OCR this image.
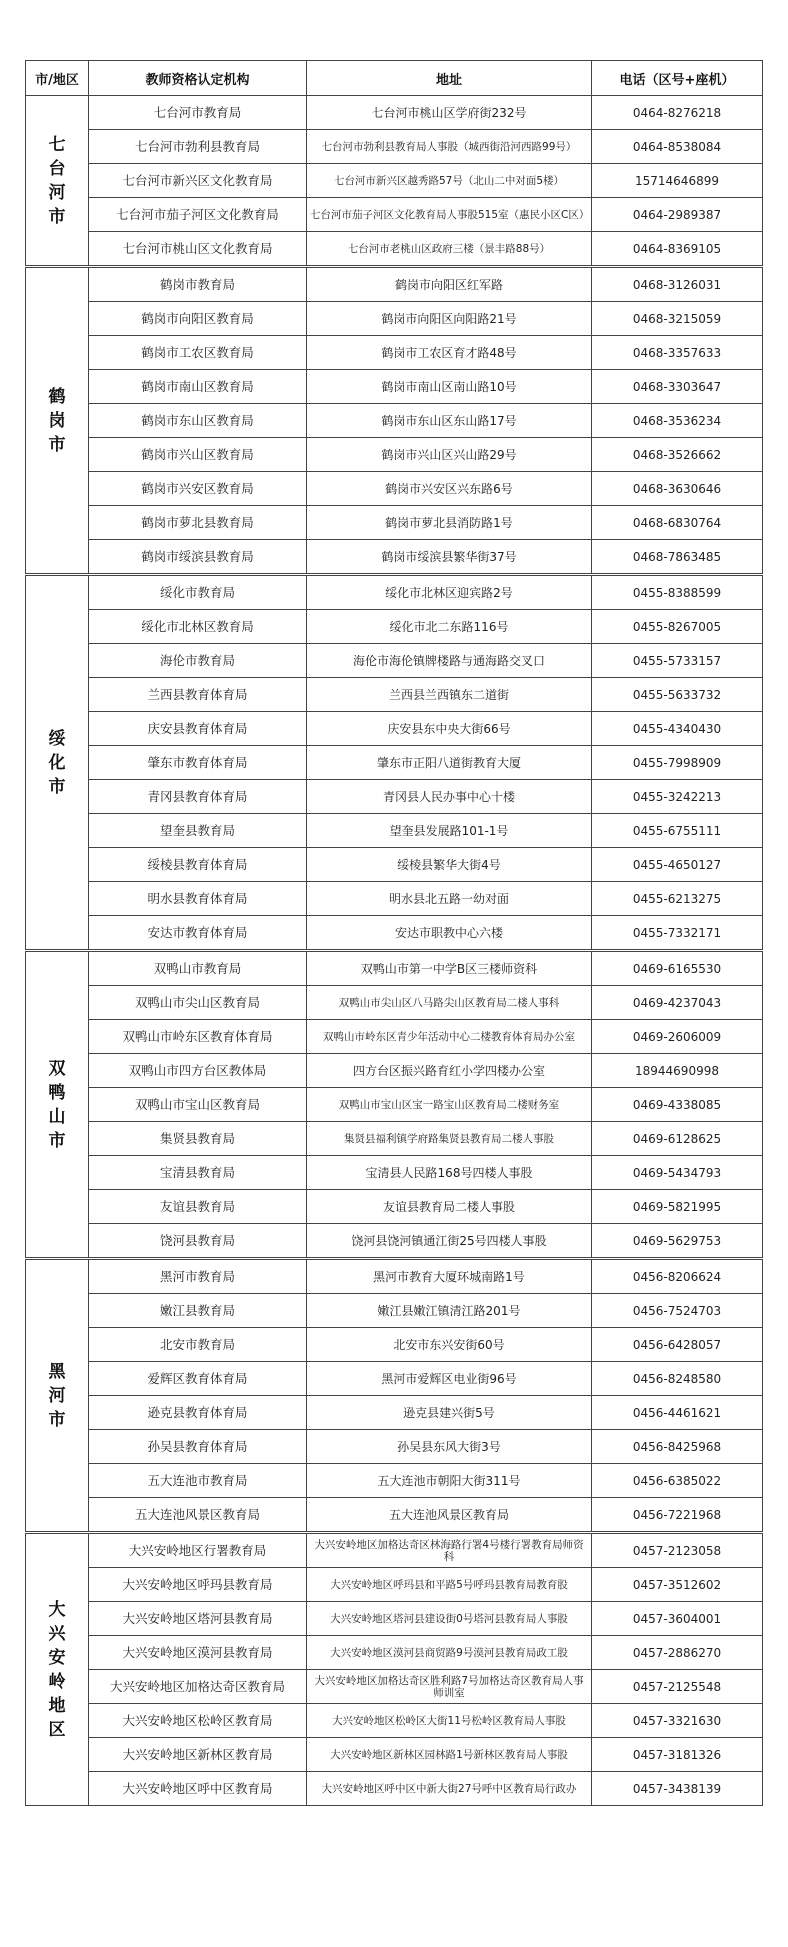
市/地区	教师资格认定机构	地址	电话（区号+座机）

七台河市	七台河市教育局	七台河市桃山区学府街232号	0464-8276218
	七台河市勃利县教育局	七台河市勃利县教育局人事股（城西街沿河西路99号）	0464-8538084
	七台河市新兴区文化教育局	七台河市新兴区越秀路57号（北山二中对面5楼）	15714646899
	七台河市茄子河区文化教育局	七台河市茄子河区文化教育局人事股515室（惠民小区C区）	0464-2989387
	七台河市桃山区文化教育局	七台河市老桃山区政府三楼（景丰路88号）	0464-8369105

鹤岗市	鹤岗市教育局	鹤岗市向阳区红军路	0468-3126031
	鹤岗市向阳区教育局	鹤岗市向阳区向阳路21号	0468-3215059
	鹤岗市工农区教育局	鹤岗市工农区育才路48号	0468-3357633
	鹤岗市南山区教育局	鹤岗市南山区南山路10号	0468-3303647
	鹤岗市东山区教育局	鹤岗市东山区东山路17号	0468-3536234
	鹤岗市兴山区教育局	鹤岗市兴山区兴山路29号	0468-3526662
	鹤岗市兴安区教育局	鹤岗市兴安区兴东路6号	0468-3630646
	鹤岗市萝北县教育局	鹤岗市萝北县消防路1号	0468-6830764
	鹤岗市绥滨县教育局	鹤岗市绥滨县繁华街37号	0468-7863485

绥化市	绥化市教育局	绥化市北林区迎宾路2号	0455-8388599
	绥化市北林区教育局	绥化市北二东路116号	0455-8267005
	海伦市教育局	海伦市海伦镇牌楼路与通海路交叉口	0455-5733157
	兰西县教育体育局	兰西县兰西镇东二道街	0455-5633732
	庆安县教育体育局	庆安县东中央大街66号	0455-4340430
	肇东市教育体育局	肇东市正阳八道街教育大厦	0455-7998909
	青冈县教育体育局	青冈县人民办事中心十楼	0455-3242213
	望奎县教育局	望奎县发展路101-1号	0455-6755111
	绥棱县教育体育局	绥棱县繁华大街4号	0455-4650127
	明水县教育体育局	明水县北五路一幼对面	0455-6213275
	安达市教育体育局	安达市职教中心六楼	0455-7332171

双鸭山市	双鸭山市教育局	双鸭山市第一中学B区三楼师资科	0469-6165530
	双鸭山市尖山区教育局	双鸭山市尖山区八马路尖山区教育局二楼人事科	0469-4237043
	双鸭山市岭东区教育体育局	双鸭山市岭东区青少年活动中心二楼教育体育局办公室	0469-2606009
	双鸭山市四方台区教体局	四方台区振兴路育红小学四楼办公室	18944690998
	双鸭山市宝山区教育局	双鸭山市宝山区宝一路宝山区教育局二楼财务室	0469-4338085
	集贤县教育局	集贤县福利镇学府路集贤县教育局二楼人事股	0469-6128625
	宝清县教育局	宝清县人民路168号四楼人事股	0469-5434793
	友谊县教育局	友谊县教育局二楼人事股	0469-5821995
	饶河县教育局	饶河县饶河镇通江街25号四楼人事股	0469-5629753

黑河市	黑河市教育局	黑河市教育大厦环城南路1号	0456-8206624
	嫩江县教育局	嫩江县嫩江镇清江路201号	0456-7524703
	北安市教育局	北安市东兴安街60号	0456-6428057
	爱辉区教育体育局	黑河市爱辉区电业街96号	0456-8248580
	逊克县教育体育局	逊克县建兴街5号	0456-4461621
	孙吴县教育体育局	孙吴县东风大街3号	0456-8425968
	五大连池市教育局	五大连池市朝阳大街311号	0456-6385022
	五大连池风景区教育局	五大连池风景区教育局	0456-7221968

大兴安岭地区	大兴安岭地区行署教育局	大兴安岭地区加格达奇区林海路行署4号楼行署教育局师资科	0457-2123058
	大兴安岭地区呼玛县教育局	大兴安岭地区呼玛县和平路5号呼玛县教育局教育股	0457-3512602
	大兴安岭地区塔河县教育局	大兴安岭地区塔河县建设街0号塔河县教育局人事股	0457-3604001
	大兴安岭地区漠河县教育局	大兴安岭地区漠河县商贸路9号漠河县教育局政工股	0457-2886270
	大兴安岭地区加格达奇区教育局	大兴安岭地区加格达奇区胜利路7号加格达奇区教育局人事师训室	0457-2125548
	大兴安岭地区松岭区教育局	大兴安岭地区松岭区大街11号松岭区教育局人事股	0457-3321630
	大兴安岭地区新林区教育局	大兴安岭地区新林区园林路1号新林区教育局人事股	0457-3181326
	大兴安岭地区呼中区教育局	大兴安岭地区呼中区中新大街27号呼中区教育局行政办	0457-3438139
